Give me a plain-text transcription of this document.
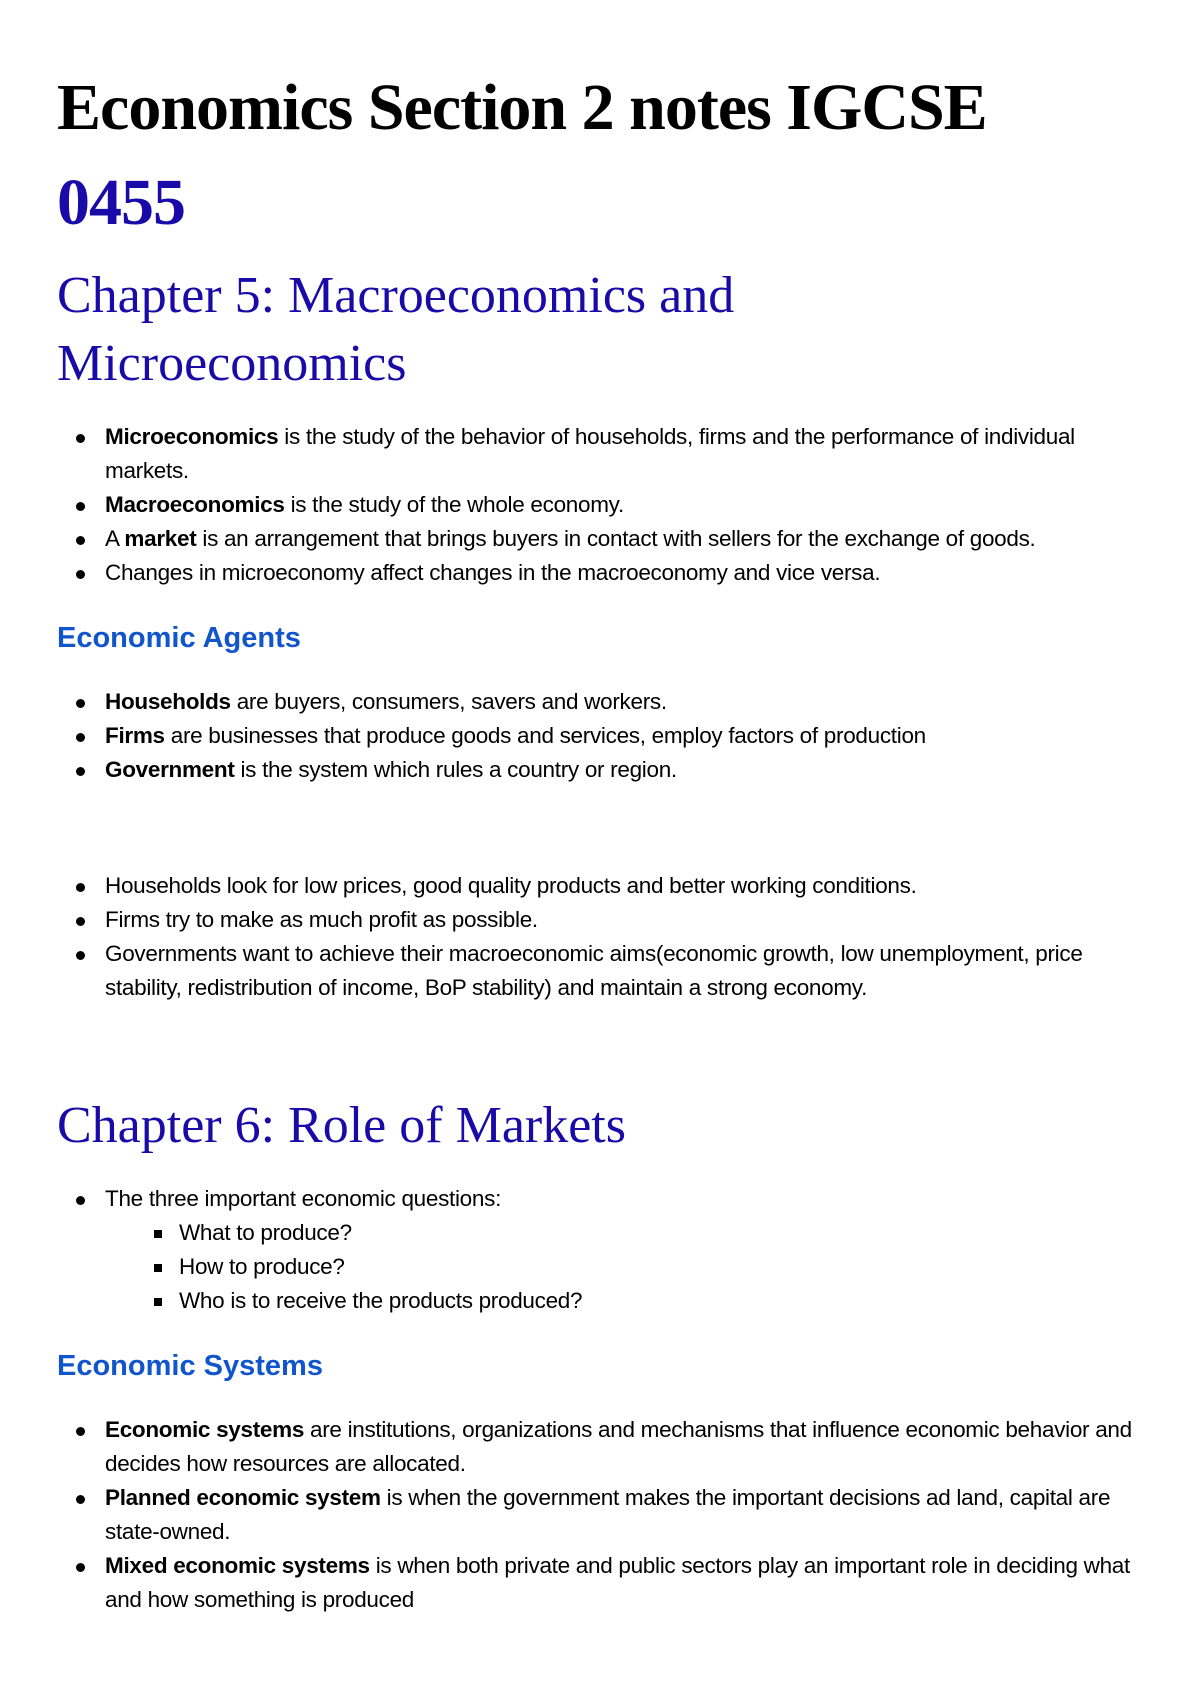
Economics Section 2 notes IGCSE
0455
Chapter 5: Macroeconomics and Microeconomics
Microeconomics is the study of the behavior of households, firms and the performance of individual markets.
Macroeconomics is the study of the whole economy.
A market is an arrangement that brings buyers in contact with sellers for the exchange of goods.
Changes in microeconomy affect changes in the macroeconomy and vice versa.
Economic Agents
Households are buyers, consumers, savers and workers.
Firms are businesses that produce goods and services, employ factors of production
Government is the system which rules a country or region.
Households look for low prices, good quality products and better working conditions.
Firms try to make as much profit as possible.
Governments want to achieve their macroeconomic aims(economic growth, low unemployment, price stability, redistribution of income, BoP stability) and maintain a strong economy.
Chapter 6: Role of Markets
The three important economic questions:
What to produce?
How to produce?
Who is to receive the products produced?
Economic Systems
Economic systems are institutions, organizations and mechanisms that influence economic behavior and decides how resources are allocated.
Planned economic system is when the government makes the important decisions ad land, capital are state-owned.
Mixed economic systems is when both private and public sectors play an important role in deciding what and how something is produced
